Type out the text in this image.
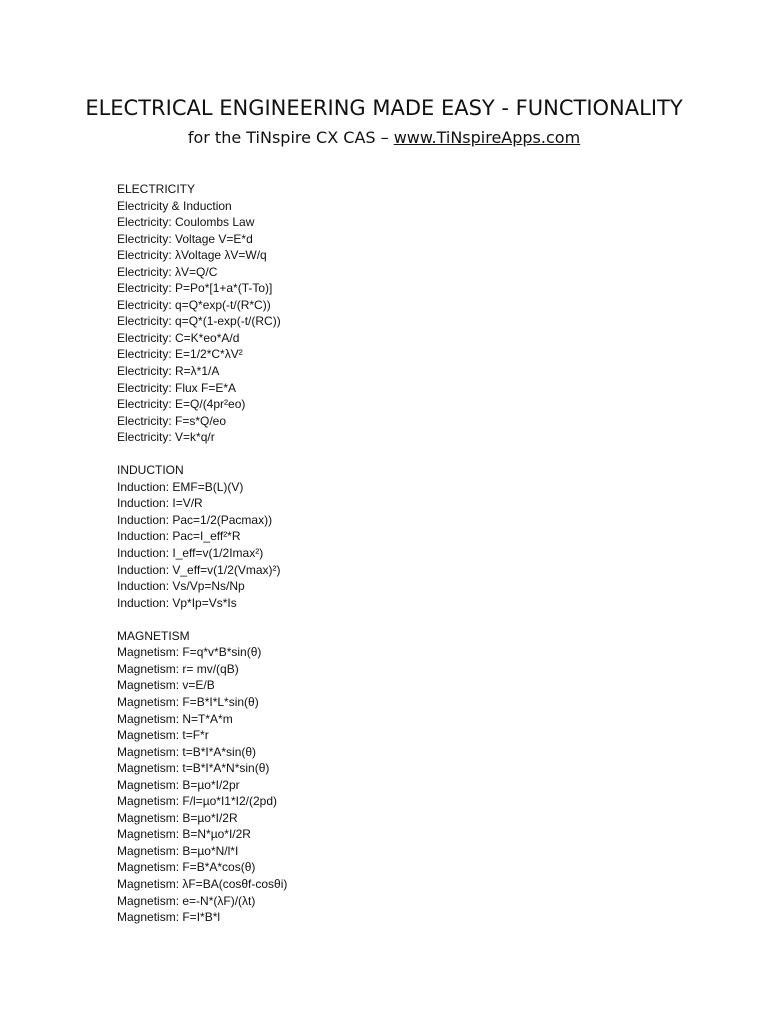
ELECTRICAL ENGINEERING MADE EASY - FUNCTIONALITY
for the TiNspire CX CAS – www.TiNspireApps.com
ELECTRICITY
Electricity & Induction
Electricity: Coulombs Law
Electricity: Voltage V=E*d
Electricity: λVoltage λV=W/q
Electricity: λV=Q/C
Electricity: P=Po*[1+a*(T-To)]
Electricity: q=Q*exp(-t/(R*C))
Electricity: q=Q*(1-exp(-t/(RC))
Electricity: C=K*eo*A/d
Electricity: E=1/2*C*λV²
Electricity: R=λ*1/A
Electricity: Flux F=E*A
Electricity: E=Q/(4pr²eo)
Electricity: F=s*Q/eo
Electricity: V=k*q/r
INDUCTION
Induction: EMF=B(L)(V)
Induction: I=V/R
Induction: Pac=1/2(Pacmax))
Induction: Pac=I_eff²*R
Induction: I_eff=v(1/2Imax²)
Induction: V_eff=v(1/2(Vmax)²)
Induction: Vs/Vp=Ns/Np
Induction: Vp*Ip=Vs*Is
MAGNETISM
Magnetism: F=q*v*B*sin(θ)
Magnetism: r= mv/(qB)
Magnetism: v=E/B
Magnetism: F=B*I*L*sin(θ)
Magnetism: N=T*A*m
Magnetism: t=F*r
Magnetism: t=B*I*A*sin(θ)
Magnetism: t=B*I*A*N*sin(θ)
Magnetism: B=µo*I/2pr
Magnetism: F/l=µo*I1*I2/(2pd)
Magnetism: B=µo*I/2R
Magnetism: B=N*µo*I/2R
Magnetism: B=µo*N/l*I
Magnetism: F=B*A*cos(θ)
Magnetism: λF=BA(cosθf-cosθi)
Magnetism: e=-N*(λF)/(λt)
Magnetism: F=I*B*l
